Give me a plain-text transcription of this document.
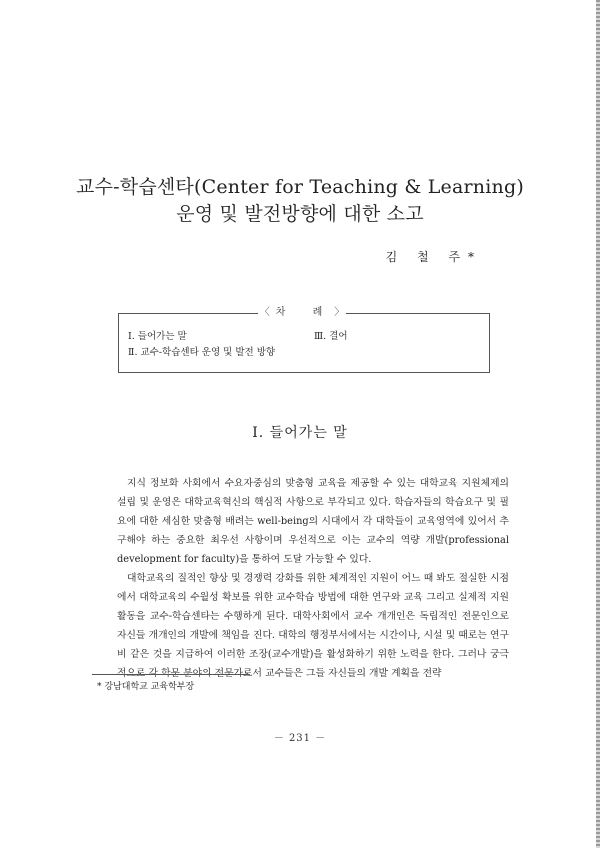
교수-학습센타(Center for Teaching & Learning)
운영 및 발전방향에 대한 소고
김 철 주*
〈 차 례〉
Ⅰ. 들어가는 말
Ⅱ. 교수-학습센타 운영 및 발전 방향
Ⅲ. 결어
Ⅰ. 들어가는 말

지식 정보화 사회에서 수요자중심의 맞춤형 교육을 제공할 수 있는 대학교육 지원체제의 설립 및 운영은 대학교육혁신의 핵심적 사항으로 부각되고 있다. 학습자들의 학습요구 및 필요에 대한 세심한 맞춤형 배려는 well-being의 시대에서 각 대학들이 교육영역에 있어서 추구해야 하는 중요한 최우선 사항이며 우선적으로 이는 교수의 역량 개발(professional development for faculty)을 통하여 도달 가능할 수 있다.

대학교육의 질적인 향상 및 경쟁력 강화를 위한 체계적인 지원이 어느 때 봐도 절실한 시점에서 대학교육의 수월성 확보를 위한 교수학습 방법에 대한 연구와 교육 그리고 실제적 지원활동을 교수-학습센타는 수행하게 된다. 대학사회에서 교수 개개인은 독립적인 전문인으로 자신들 개개인의 개발에 책임을 진다. 대학의 행정부서에서는 시간이나, 시설 및 때로는 연구비 같은 것을 지급하여 이러한 조장(교수개발)을 활성화하기 위한 노력을 한다. 그러나 궁극적으로 각 학문 분야의 전문가로서 교수들은 그들 자신들의 개발 계획을 전략

* 강남대학교 교육학부장
－ 231 －
